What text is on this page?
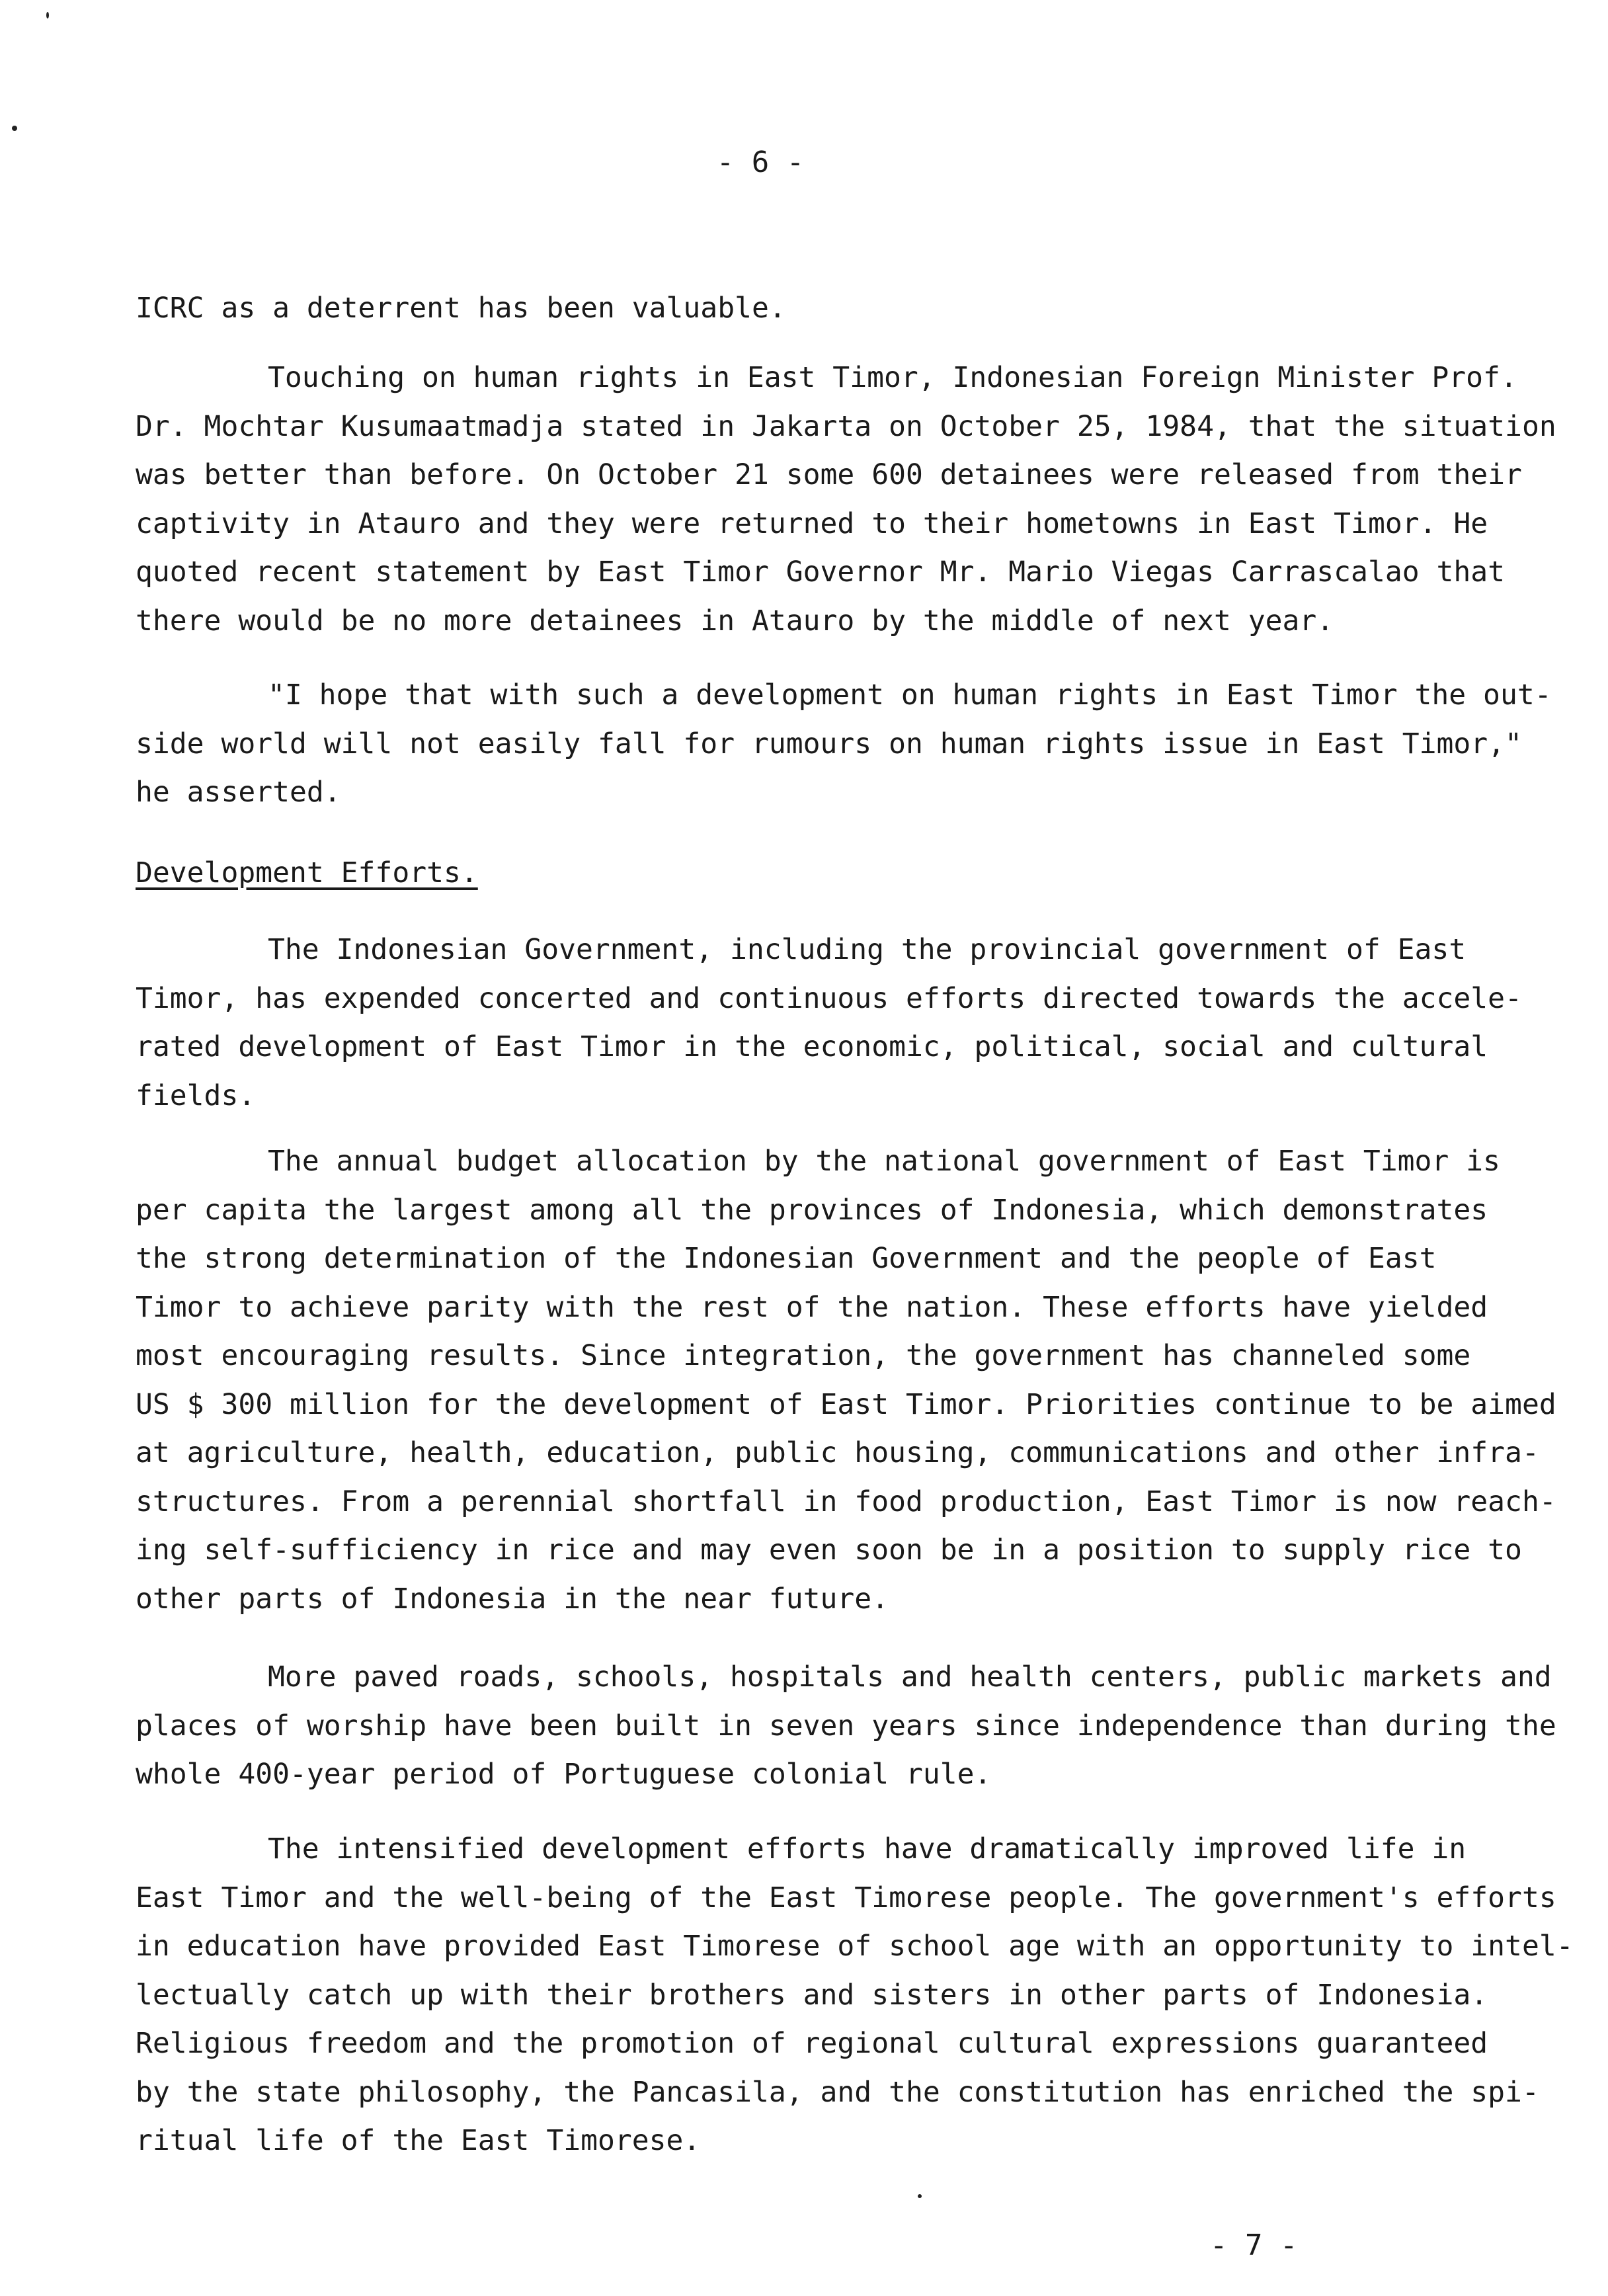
- 6 -
ICRC as a deterrent has been valuable.
Touching on human rights in East Timor, Indonesian Foreign Minister Prof.
Dr. Mochtar Kusumaatmadja stated in Jakarta on October 25, 1984, that the situation
was better than before. On October 21 some 600 detainees were released from their
captivity in Atauro and they were returned to their hometowns in East Timor. He
quoted recent statement by East Timor Governor Mr. Mario Viegas Carrascalao that
there would be no more detainees in Atauro by the middle of next year.
"I hope that with such a development on human rights in East Timor the out-
side world will not easily fall for rumours on human rights issue in East Timor,"
he asserted.
Development Efforts.
The Indonesian Government, including the provincial government of East
Timor, has expended concerted and continuous efforts directed towards the accele-
rated development of East Timor in the economic, political, social and cultural
fields.
The annual budget allocation by the national government of East Timor is
per capita the largest among all the provinces of Indonesia, which demonstrates
the strong determination of the Indonesian Government and the people of East
Timor to achieve parity with the rest of the nation. These efforts have yielded
most encouraging results. Since integration, the government has channeled some
US $ 300 million for the development of East Timor. Priorities continue to be aimed
at agriculture, health, education, public housing, communications and other infra-
structures. From a perennial shortfall in food production, East Timor is now reach-
ing self-sufficiency in rice and may even soon be in a position to supply rice to
other parts of Indonesia in the near future.
More paved roads, schools, hospitals and health centers, public markets and
places of worship have been built in seven years since independence than during the
whole 400-year period of Portuguese colonial rule.
The intensified development efforts have dramatically improved life in
East Timor and the well-being of the East Timorese people. The government's efforts
in education have provided East Timorese of school age with an opportunity to intel-
lectually catch up with their brothers and sisters in other parts of Indonesia.
Religious freedom and the promotion of regional cultural expressions guaranteed
by the state philosophy, the Pancasila, and the constitution has enriched the spi-
ritual life of the East Timorese.
- 7 -
